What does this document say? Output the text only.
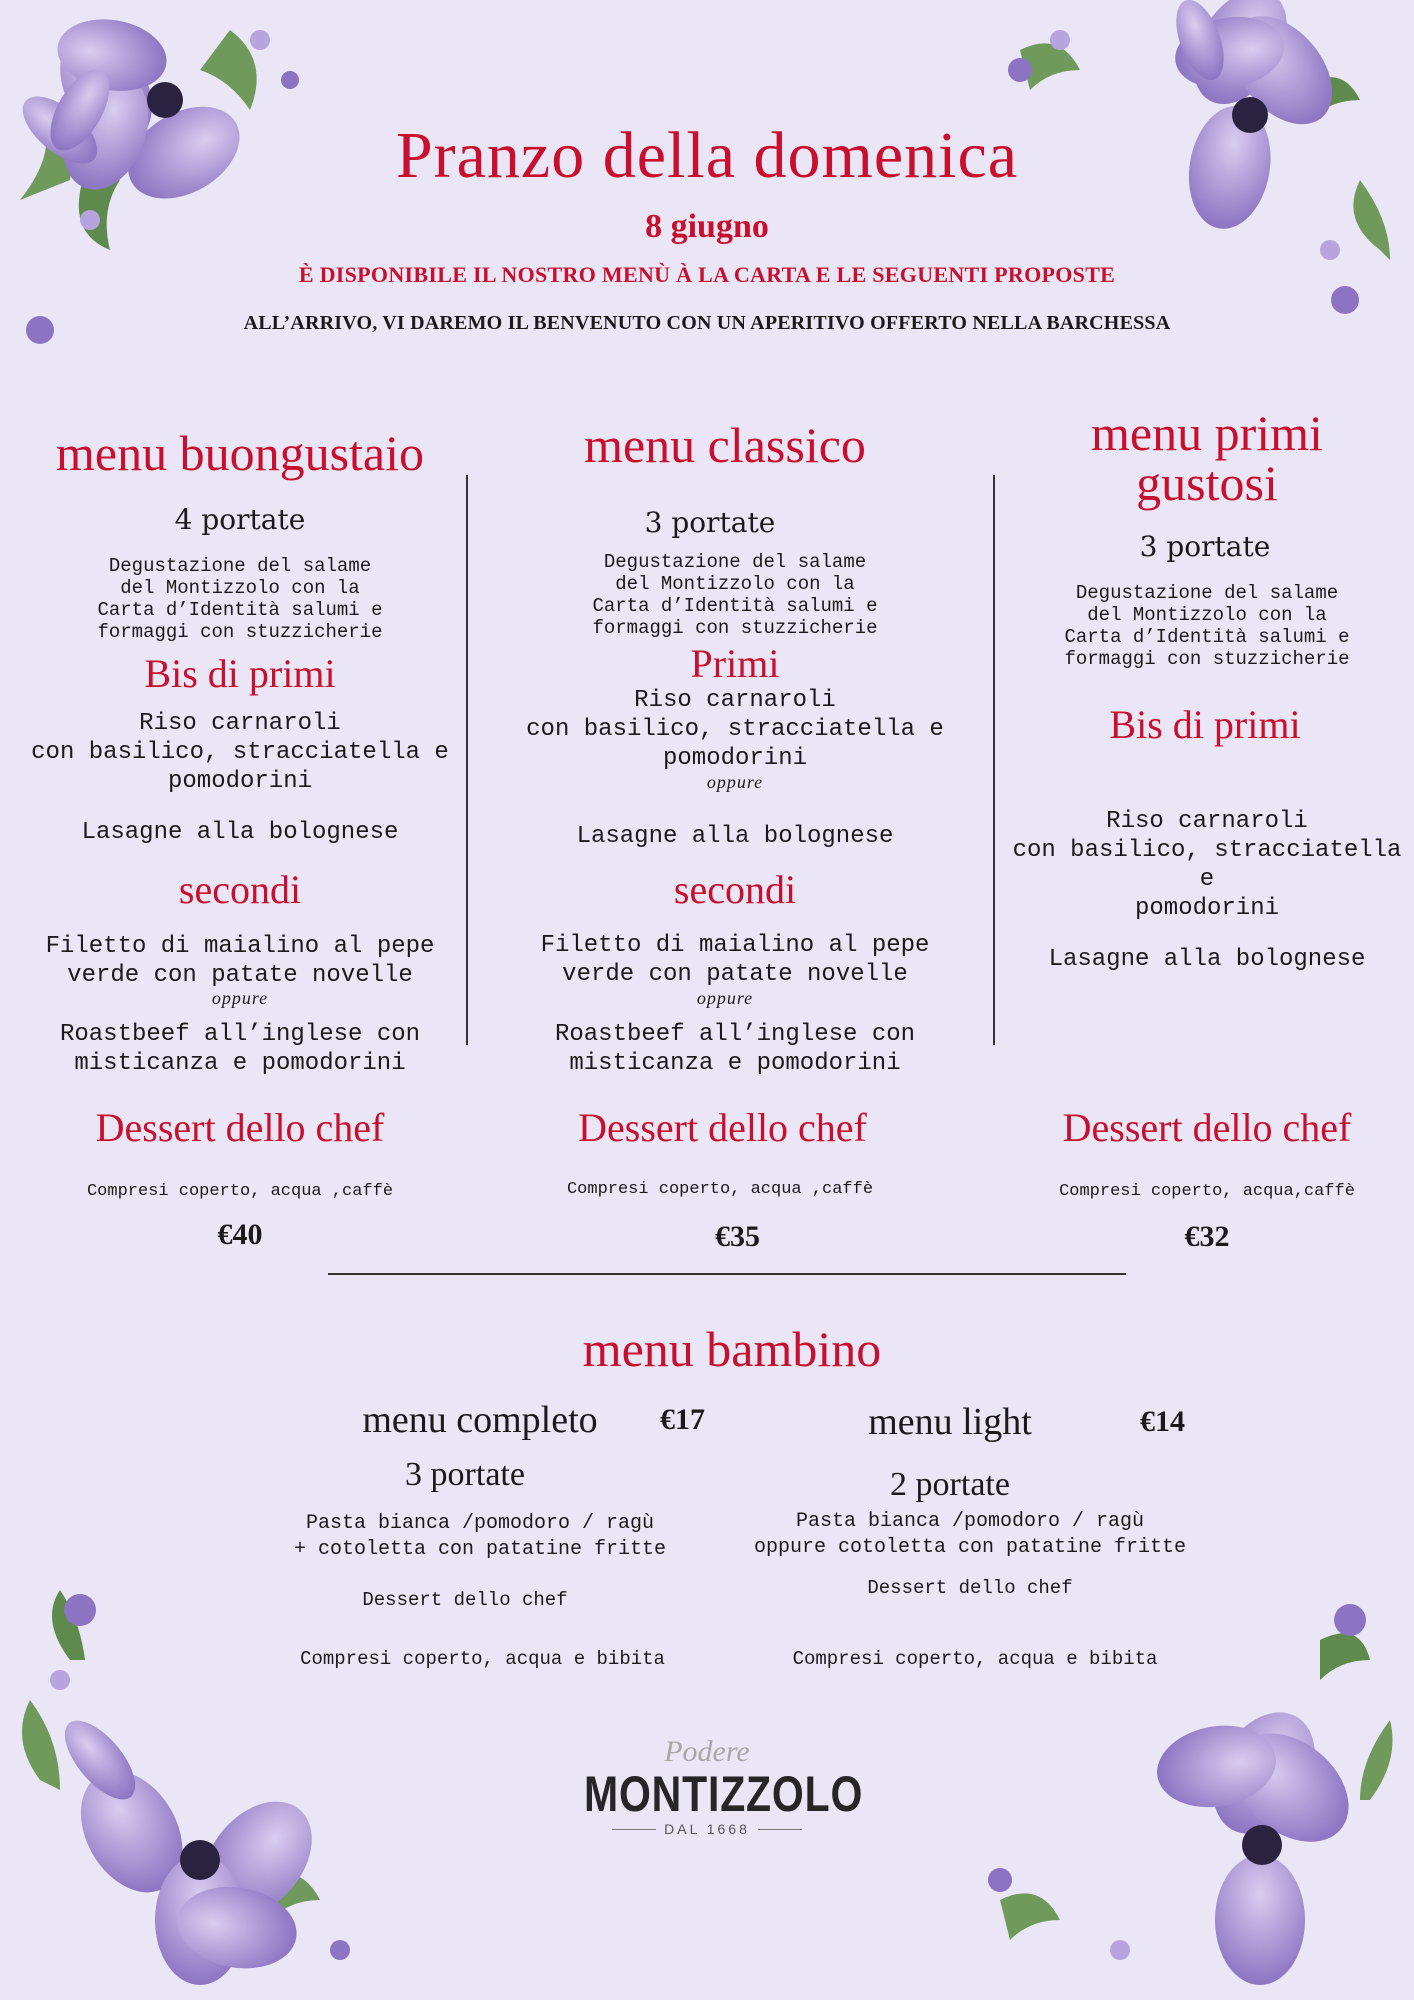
Pranzo della domenica
8 giugno
È DISPONIBILE IL NOSTRO MENÙ À LA CARTA E LE SEGUENTI PROPOSTE
ALL’ARRIVO, VI DAREMO IL BENVENUTO CON UN APERITIVO OFFERTO NELLA BARCHESSA
menu buongustaio
4 portate
Degustazione del salame
del Montizzolo con la
Carta d’Identità salumi e
formaggi con stuzzicherie
Bis di primi
Riso carnaroli
con basilico, stracciatella e
pomodorini
Lasagne alla bolognese
secondi
Filetto di maialino al pepe
verde con patate novelle
oppure
Roastbeef all’inglese con
misticanza e pomodorini
Dessert dello chef
Compresi coperto, acqua ,caffè
€40
menu classico
3 portate
Degustazione del salame
del Montizzolo con la
Carta d’Identità salumi e
formaggi con stuzzicherie
Primi
Riso carnaroli
con basilico, stracciatella e
pomodorini
oppure
Lasagne alla bolognese
secondi
Filetto di maialino al pepe
verde con patate novelle
oppure
Roastbeef all’inglese con
misticanza e pomodorini
Dessert dello chef
Compresi coperto, acqua ,caffè
€35
menu primi
gustosi
3 portate
Degustazione del salame
del Montizzolo con la
Carta d’Identità salumi e
formaggi con stuzzicherie
Bis di primi
Riso carnaroli
con basilico, stracciatella e
pomodorini
Lasagne alla bolognese
Dessert dello chef
Compresi coperto, acqua,caffè
€32
menu bambino
menu completo	€17
3 portate
Pasta bianca /pomodoro / ragù
+ cotoletta con patatine fritte
Dessert dello chef
Compresi coperto, acqua e bibita
menu light	€14
2 portate
Pasta bianca /pomodoro / ragù
oppure cotoletta con patatine fritte
Dessert dello chef
Compresi coperto, acqua e bibita
Podere
MONTIZZOLO
DAL 1668
